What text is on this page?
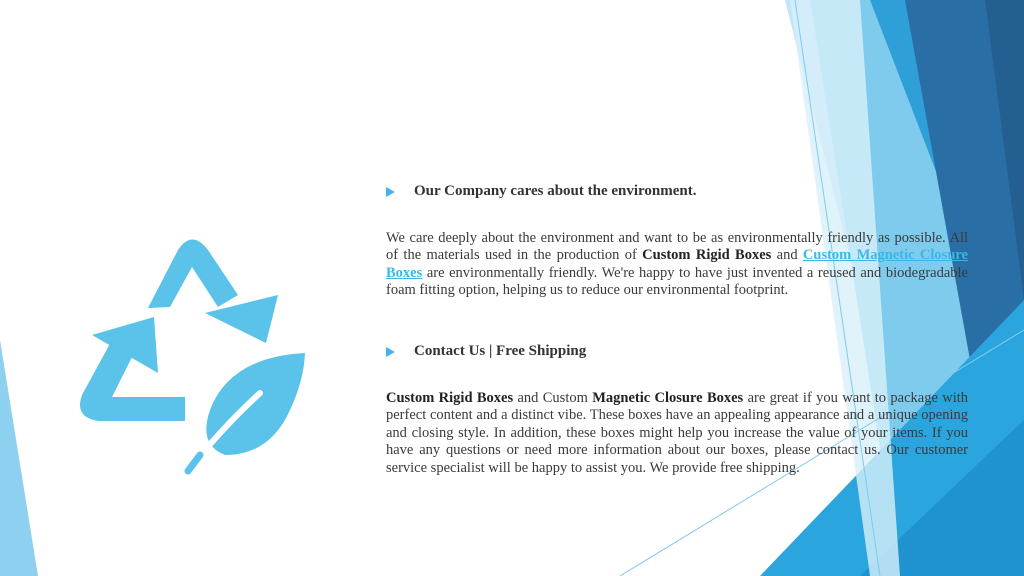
Our Company cares about the environment.
We care deeply about the environment and want to be as environmentally friendly as possible. All of the materials used in the production of Custom Rigid Boxes and Custom Magnetic Closure Boxes are environmentally friendly. We're happy to have just invented a reused and biodegradable foam fitting option, helping us to reduce our environmental footprint.
Contact Us | Free Shipping
Custom Rigid Boxes and Custom Magnetic Closure Boxes are great if you want to package with perfect content and a distinct vibe. These boxes have an appealing appearance and a unique opening and closing style. In addition, these boxes might help you increase the value of your items. If you have any questions or need more information about our boxes, please contact us. Our customer service specialist will be happy to assist you. We provide free shipping.
